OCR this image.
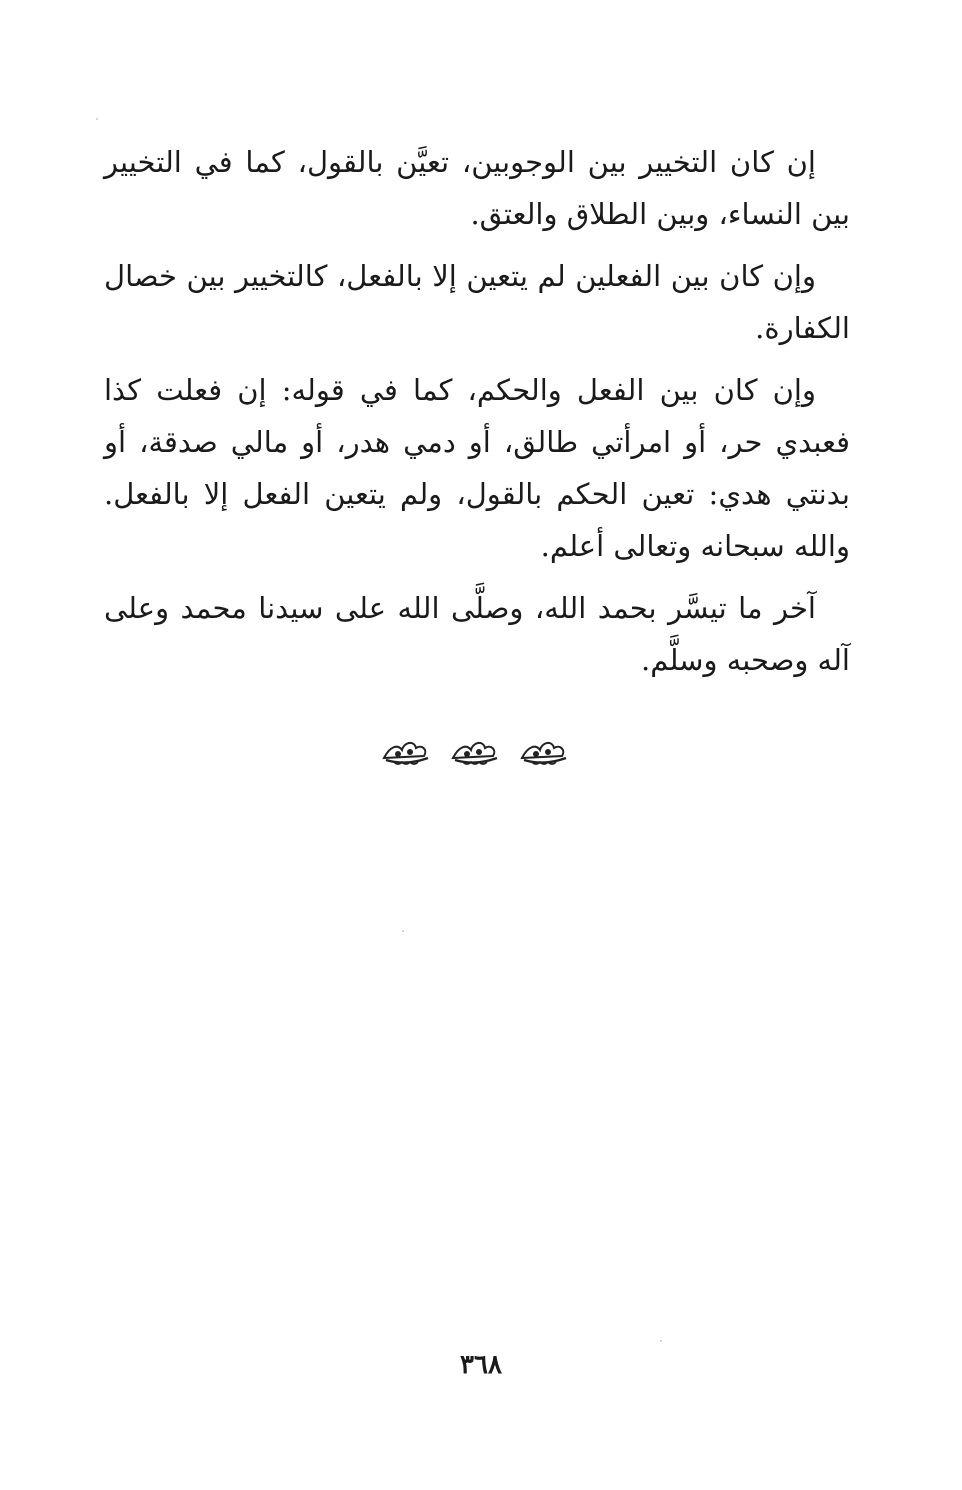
إن كان التخيير بين الوجوبين، تعيَّن بالقول، كما في التخيير بين النساء، وبين الطلاق والعتق.

وإن كان بين الفعلين لم يتعين إلا بالفعل، كالتخيير بين خصال الكفارة.

وإن كان بين الفعل والحكم، كما في قوله: إن فعلت كذا فعبدي حر، أو امرأتي طالق، أو دمي هدر، أو مالي صدقة، أو بدنتي هدي: تعين الحكم بالقول، ولم يتعين الفعل إلا بالفعل. والله سبحانه وتعالى أعلم.

آخر ما تيسَّر بحمد الله، وصلَّى الله على سيدنا محمد وعلى آله وصحبه وسلَّم.

٣٦٨
